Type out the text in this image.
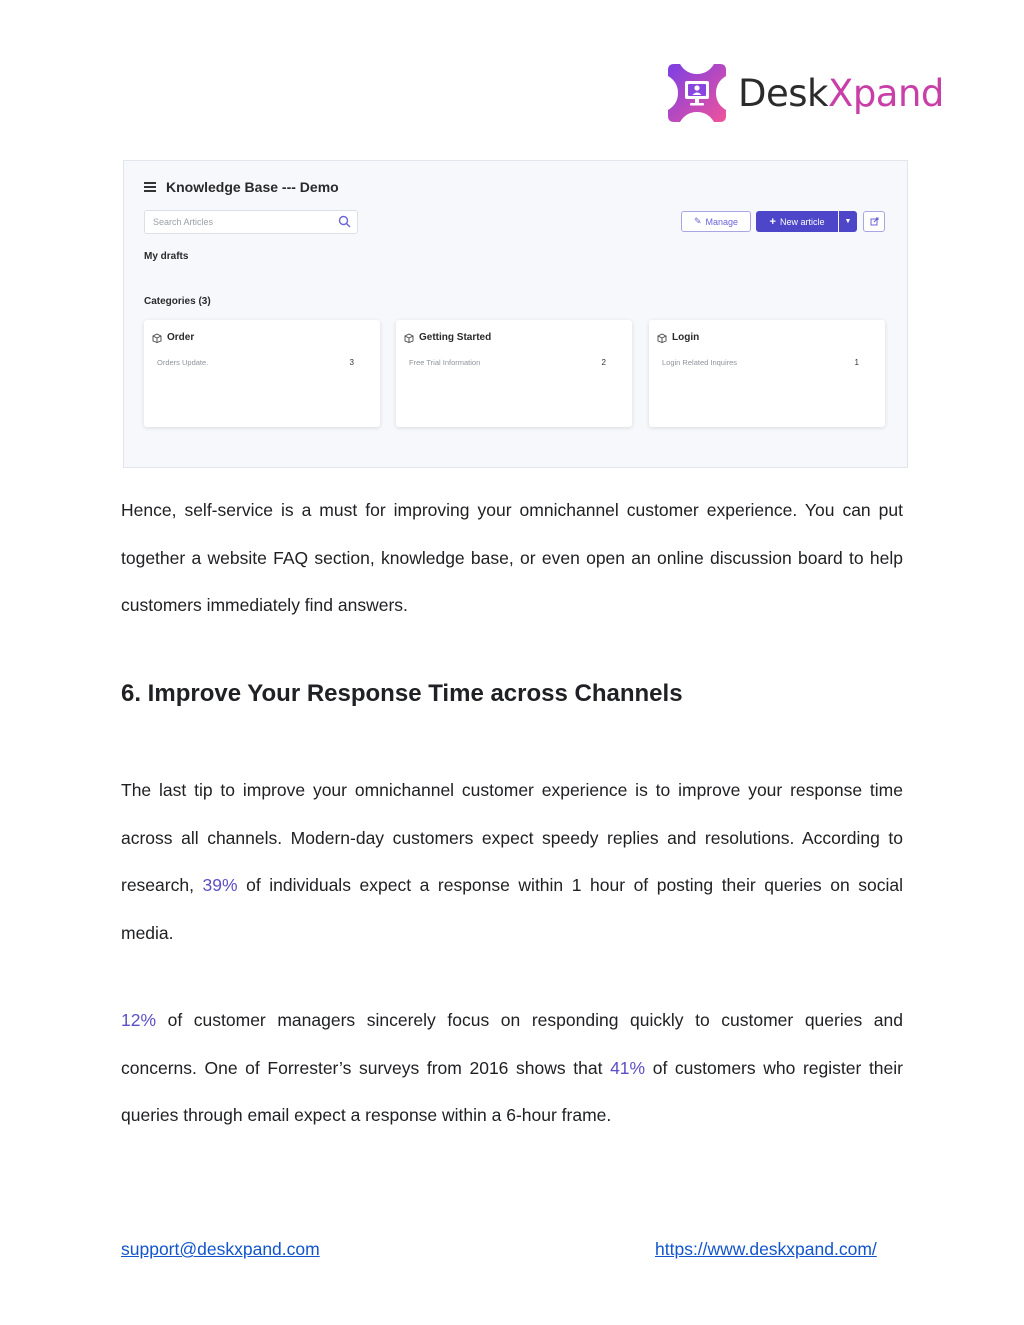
DeskXpand
Knowledge Base --- Demo
Search Articles	✎ Manage	+ New article	▼
My drafts
Categories (3)
Order
Orders Update.	3
Getting Started
Free Trial Information	2
Login
Login Related Inquires	1

Hence, self-service is a must for improving your omnichannel customer experience. You can put together a website FAQ section, knowledge base, or even open an online discussion board to help customers immediately find answers.

6. Improve Your Response Time across Channels

The last tip to improve your omnichannel customer experience is to improve your response time across all channels. Modern-day customers expect speedy replies and resolutions. According to research, 39% of individuals expect a response within 1 hour of posting their queries on social media.

12% of customer managers sincerely focus on responding quickly to customer queries and concerns. One of Forrester’s surveys from 2016 shows that 41% of customers who register their queries through email expect a response within a 6-hour frame.

support@deskxpand.com	https://www.deskxpand.com/
